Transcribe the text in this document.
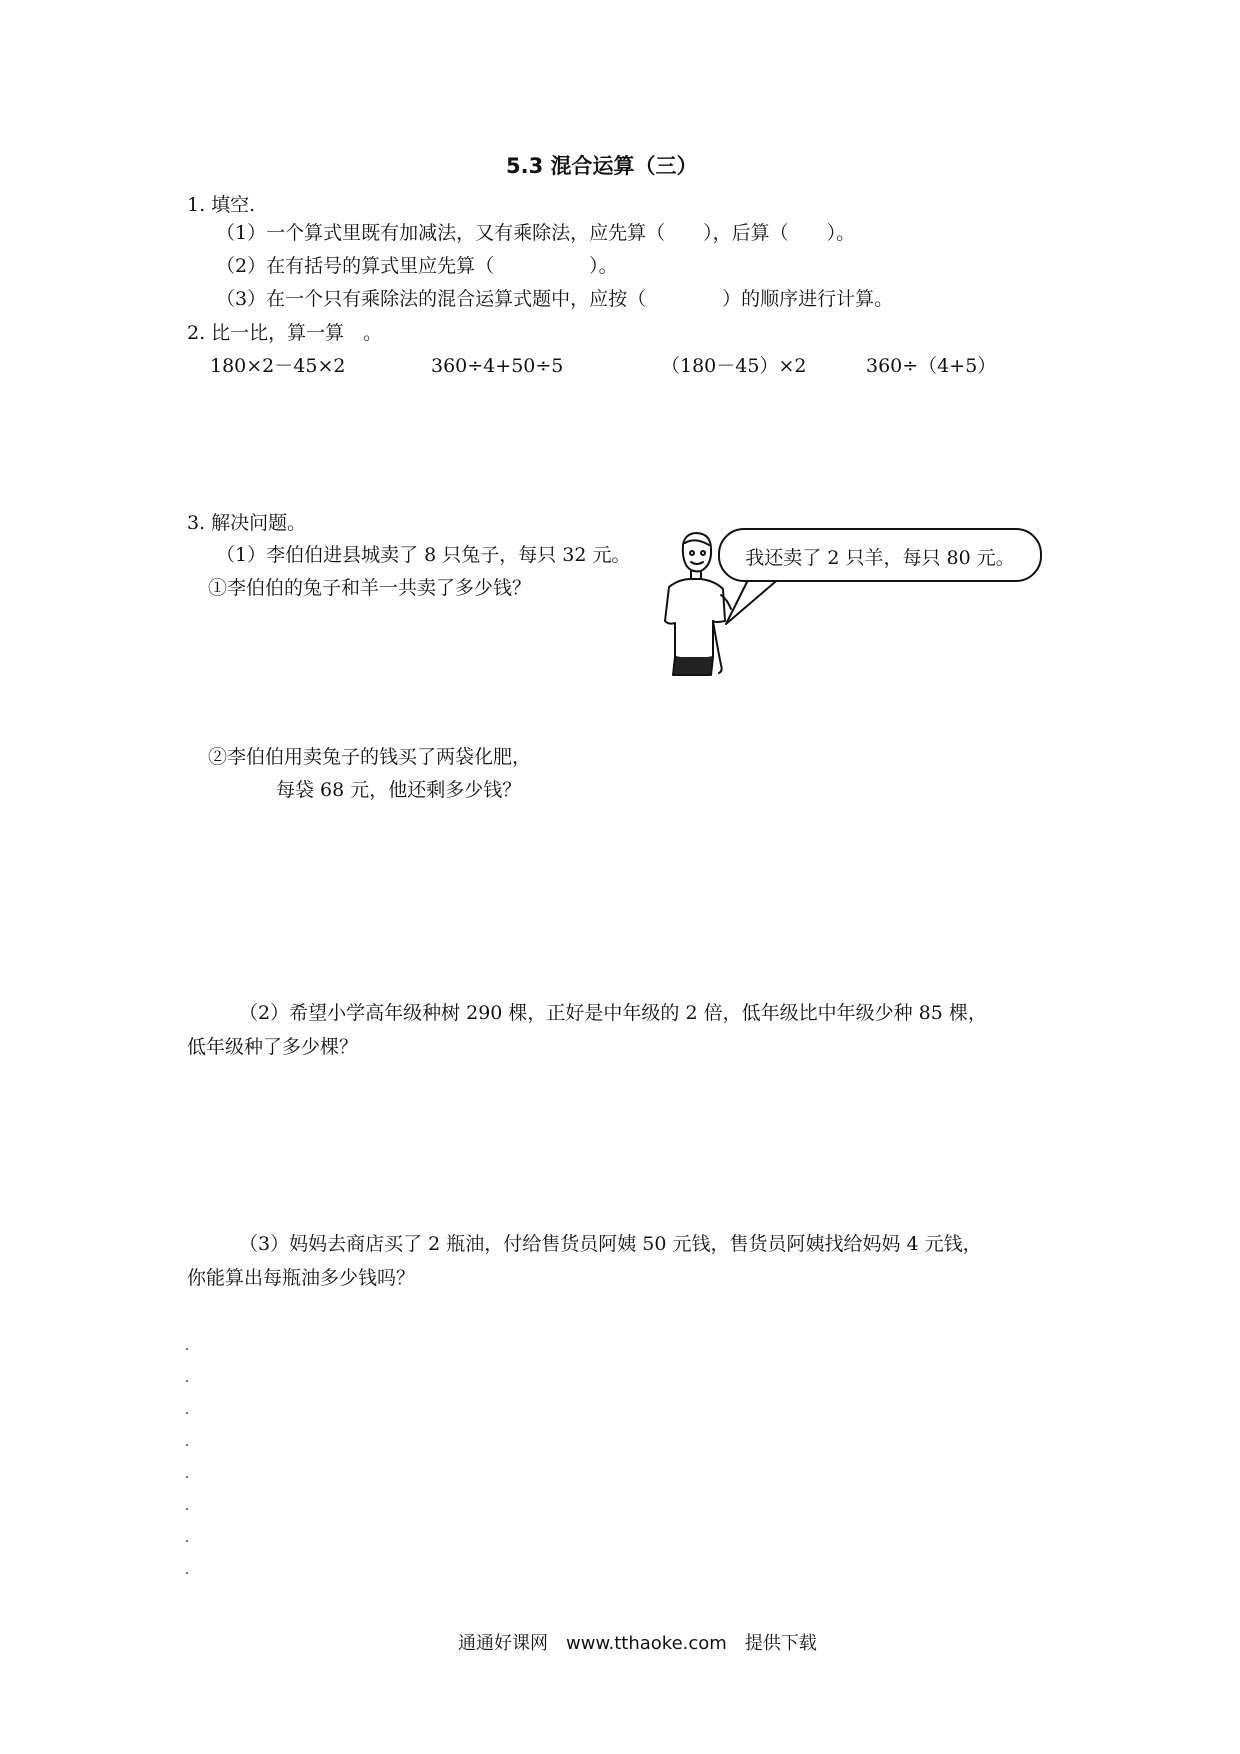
5.3 混合运算（三）
1. 填空.
（1）一个算式里既有加减法，又有乘除法，应先算（　　），后算（　　）。
（2）在有括号的算式里应先算（　　　　　）。
（3）在一个只有乘除法的混合运算式题中，应按（　　　　）的顺序进行计算。
2. 比一比，算一算　。
180×2－45×2	360÷4+50÷5	（180－45）×2	360÷（4+5）
3. 解决问题。
（1）李伯伯进县城卖了 8 只兔子，每只 32 元。
①李伯伯的兔子和羊一共卖了多少钱？
我还卖了 2 只羊，每只 80 元。
②李伯伯用卖兔子的钱买了两袋化肥，
每袋 68 元，他还剩多少钱？
（2）希望小学高年级种树 290 棵，正好是中年级的 2 倍，低年级比中年级少种 85 棵，
低年级种了多少棵？
（3）妈妈去商店买了 2 瓶油，付给售货员阿姨 50 元钱，售货员阿姨找给妈妈 4 元钱，
你能算出每瓶油多少钱吗？
通通好课网　www.tthaoke.com　提供下载
